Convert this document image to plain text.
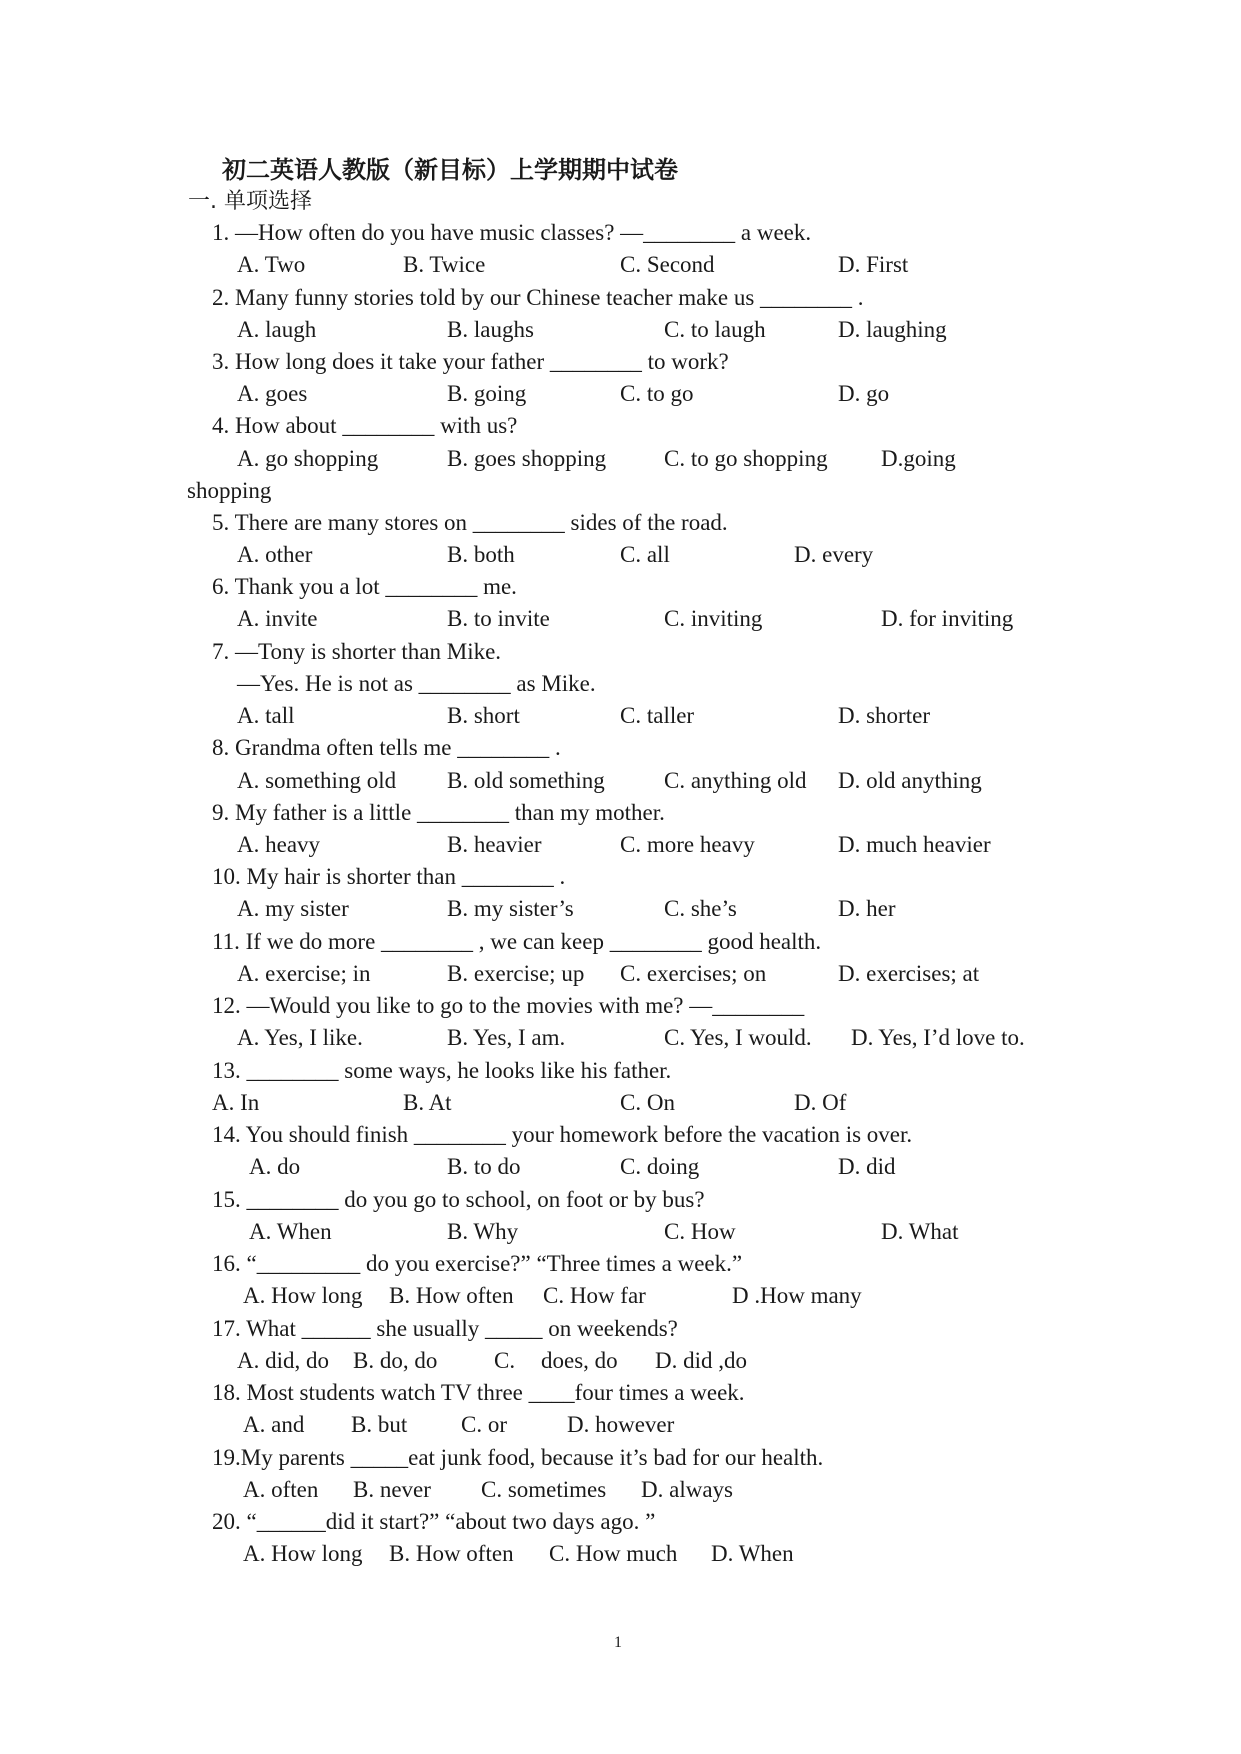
初二英语人教版（新目标）上学期期中试卷
一. 单项选择
1. —How often do you have music classes? —________ a week.
A. Two	B. Twice	C. Second	D. First
2. Many funny stories told by our Chinese teacher make us ________ .
A. laugh	B. laughs	C. to laugh	D. laughing
3. How long does it take your father ________ to work?
A. goes	B. going	C. to go	D. go
4. How about ________ with us?
A. go shopping	B. goes shopping	C. to go shopping D.going
shopping
5. There are many stores on ________ sides of the road.
A. other	B. both	C. all	D. every
6. Thank you a lot ________ me.
A. invite	B. to invite	C. inviting	D. for inviting
7. —Tony is shorter than Mike.
—Yes. He is not as ________ as Mike.
A. tall	B. short	C. taller	D. shorter
8. Grandma often tells me ________ .
A. something old B. old something	C. anything old D. old anything
9. My father is a little ________ than my mother.
A. heavy	B. heavier	C. more heavy	D. much heavier
10. My hair is shorter than ________ .
A. my sister	B. my sister’s	C. she’s	D. her
11. If we do more ________ , we can keep ________ good health.
A. exercise; in	B. exercise; up C. exercises; on	D. exercises; at
12. —Would you like to go to the movies with me? —________
A. Yes, I like.	B. Yes, I am.	C. Yes, I would. D. Yes, I’d love to.
13. ________ some ways, he looks like his father.
A. In	B. At	C. On	D. Of
14. You should finish ________ your homework before the vacation is over.
A. do	B. to do	C. doing	D. did
15. ________ do you go to school, on foot or by bus?
A. When	B. Why	C. How	D. What
16. “_________ do you exercise?” “Three times a week.”
A. How long B. How often C. How far	D .How many
17. What ______ she usually _____ on weekends?
A. did, do B. do, do C. does, do D. did ,do
18. Most students watch TV three ____four times a week.
A. and B. but C. or	D. however
19.My parents _____eat junk food, because it’s bad for our health.
A. often B. never C. sometimes D. always
20. “______did it start?” “about two days ago. ”
A. How long B. How often C. How much D. When
1
